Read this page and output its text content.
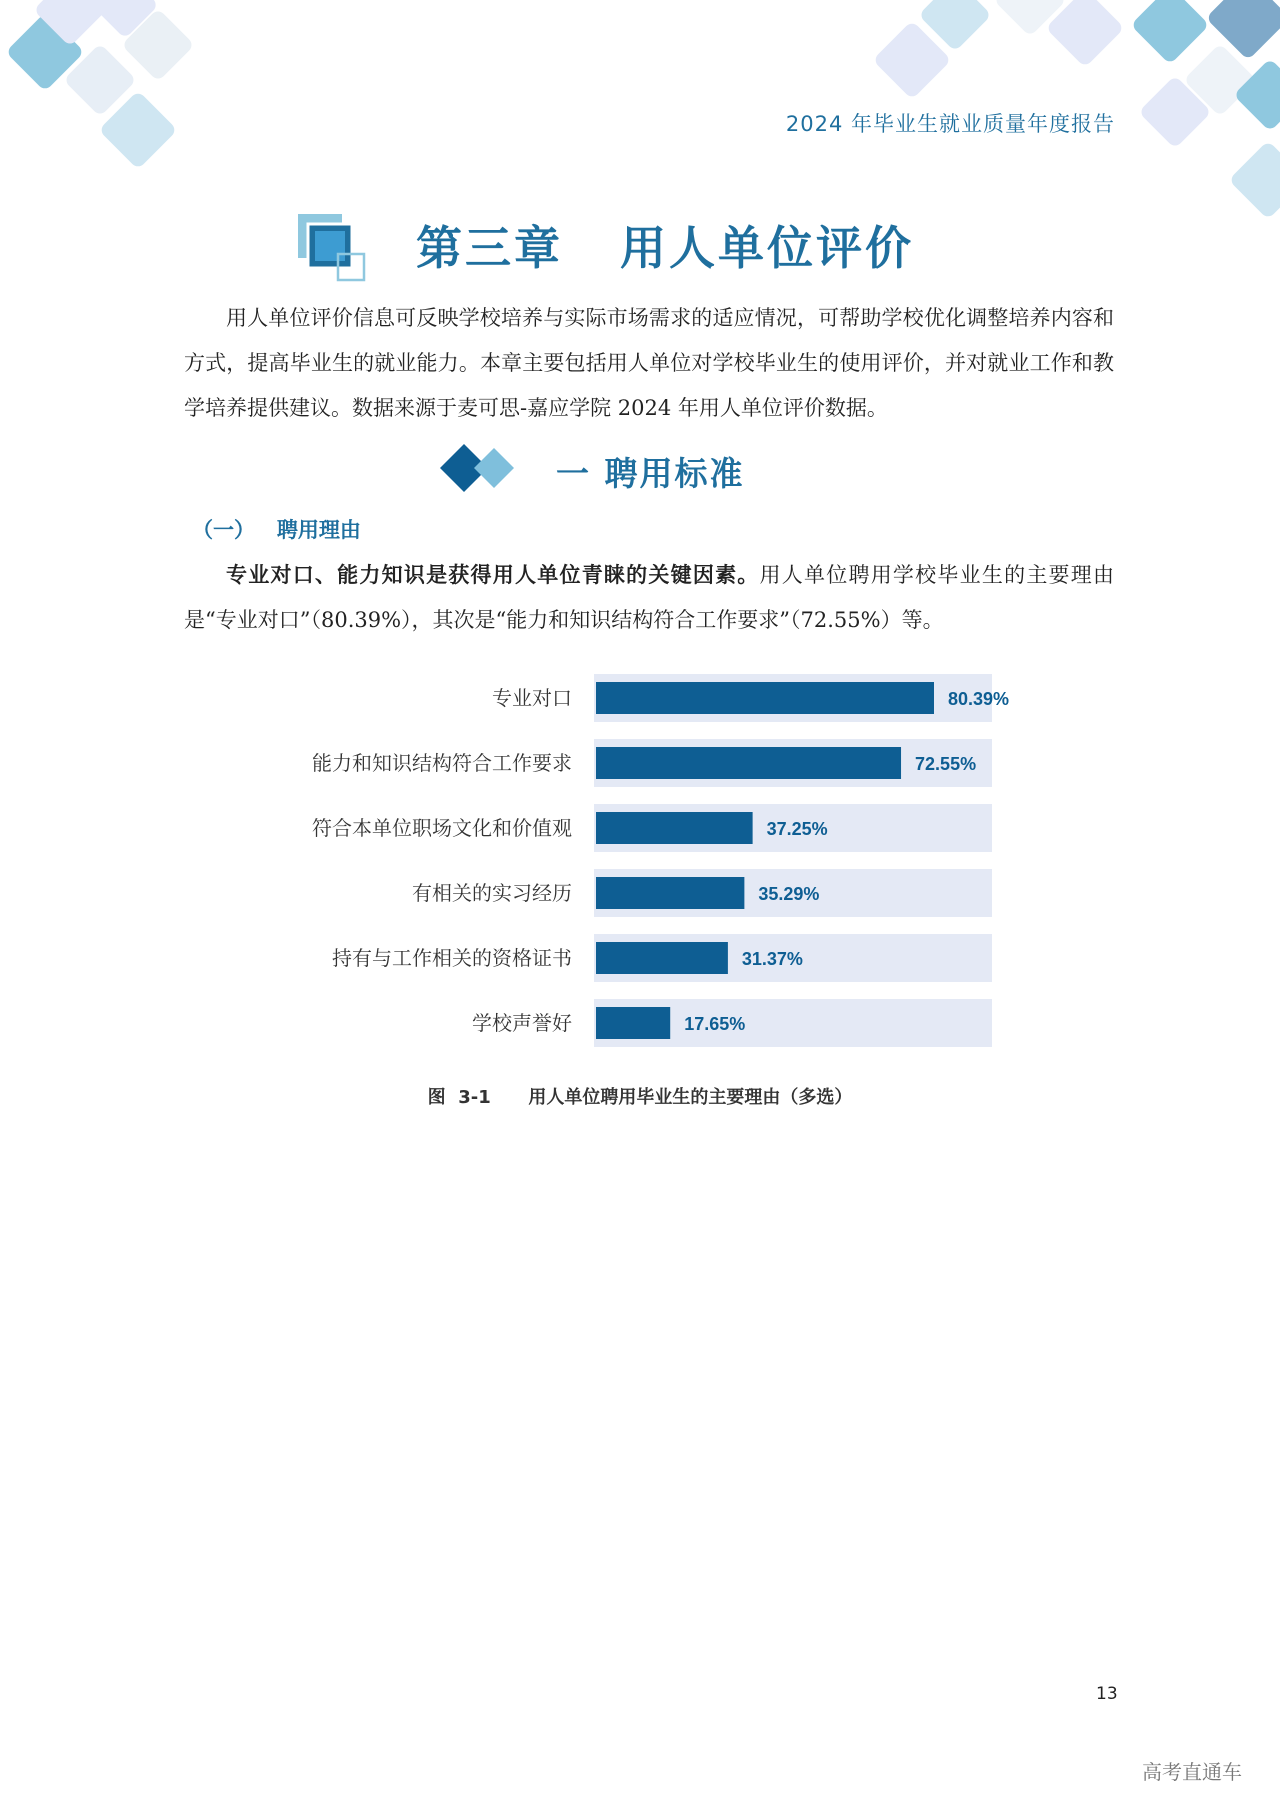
2024 年毕业生就业质量年度报告
第三章   用人单位评价
用人单位评价信息可反映学校培养与实际市场需求的适应情况，可帮助学校优化调整培养内容和方式，提高毕业生的就业能力。本章主要包括用人单位对学校毕业生的使用评价，并对就业工作和教学培养提供建议。数据来源于麦可思-嘉应学院 2024 年用人单位评价数据。
一 聘用标准
（一）   聘用理由
专业对口、能力知识是获得用人单位青睐的关键因素。用人单位聘用学校毕业生的主要理由是“专业对口”（80.39%），其次是“能力和知识结构符合工作要求”（72.55%）等。
专业对口	80.39%
能力和知识结构符合工作要求	72.55%
符合本单位职场文化和价值观	37.25%
有相关的实习经历	35.29%
持有与工作相关的资格证书	31.37%
学校声誉好	17.65%
图  3-1      用人单位聘用毕业生的主要理由（多选）
13
高考直通车
